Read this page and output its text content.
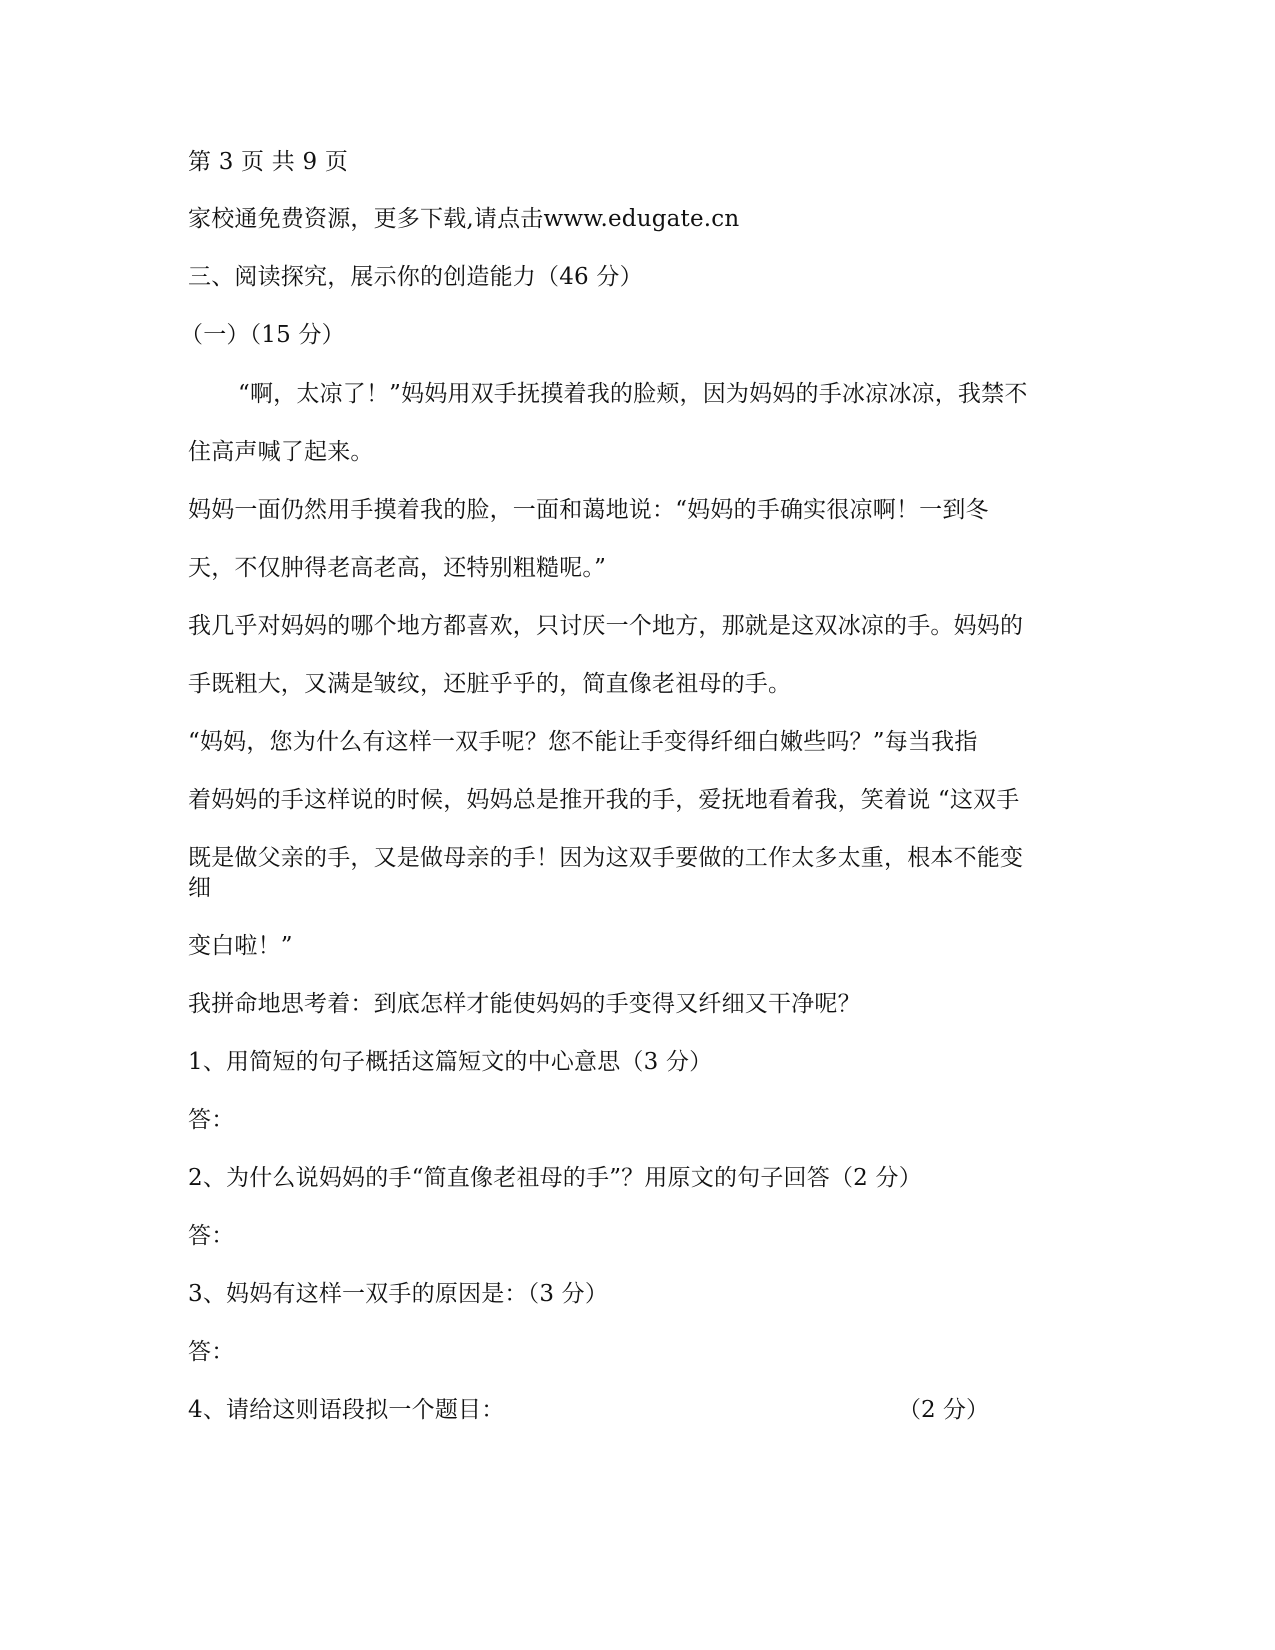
第 3 页 共 9 页
家校通免费资源，更多下载,请点击www.edugate.cn
三、阅读探究，展示你的创造能力（46 分）
（一）（15 分）
“啊，太凉了！”妈妈用双手抚摸着我的脸颊，因为妈妈的手冰凉冰凉，我禁不
住高声喊了起来。
妈妈一面仍然用手摸着我的脸，一面和蔼地说：“妈妈的手确实很凉啊！一到冬
天，不仅肿得老高老高，还特别粗糙呢。”
我几乎对妈妈的哪个地方都喜欢，只讨厌一个地方，那就是这双冰凉的手。妈妈的
手既粗大，又满是皱纹，还脏乎乎的，简直像老祖母的手。
“妈妈，您为什么有这样一双手呢？您不能让手变得纤细白嫩些吗？”每当我指
着妈妈的手这样说的时候，妈妈总是推开我的手，爱抚地看着我，笑着说 “这双手
既是做父亲的手，又是做母亲的手！因为这双手要做的工作太多太重，根本不能变
细
变白啦！”
我拼命地思考着：到底怎样才能使妈妈的手变得又纤细又干净呢？
1、用简短的句子概括这篇短文的中心意思（3 分）
答：
2、为什么说妈妈的手“简直像老祖母的手”？用原文的句子回答（2 分）
答：
3、妈妈有这样一双手的原因是：（3 分）
答：
4、请给这则语段拟一个题目：	（2 分）
